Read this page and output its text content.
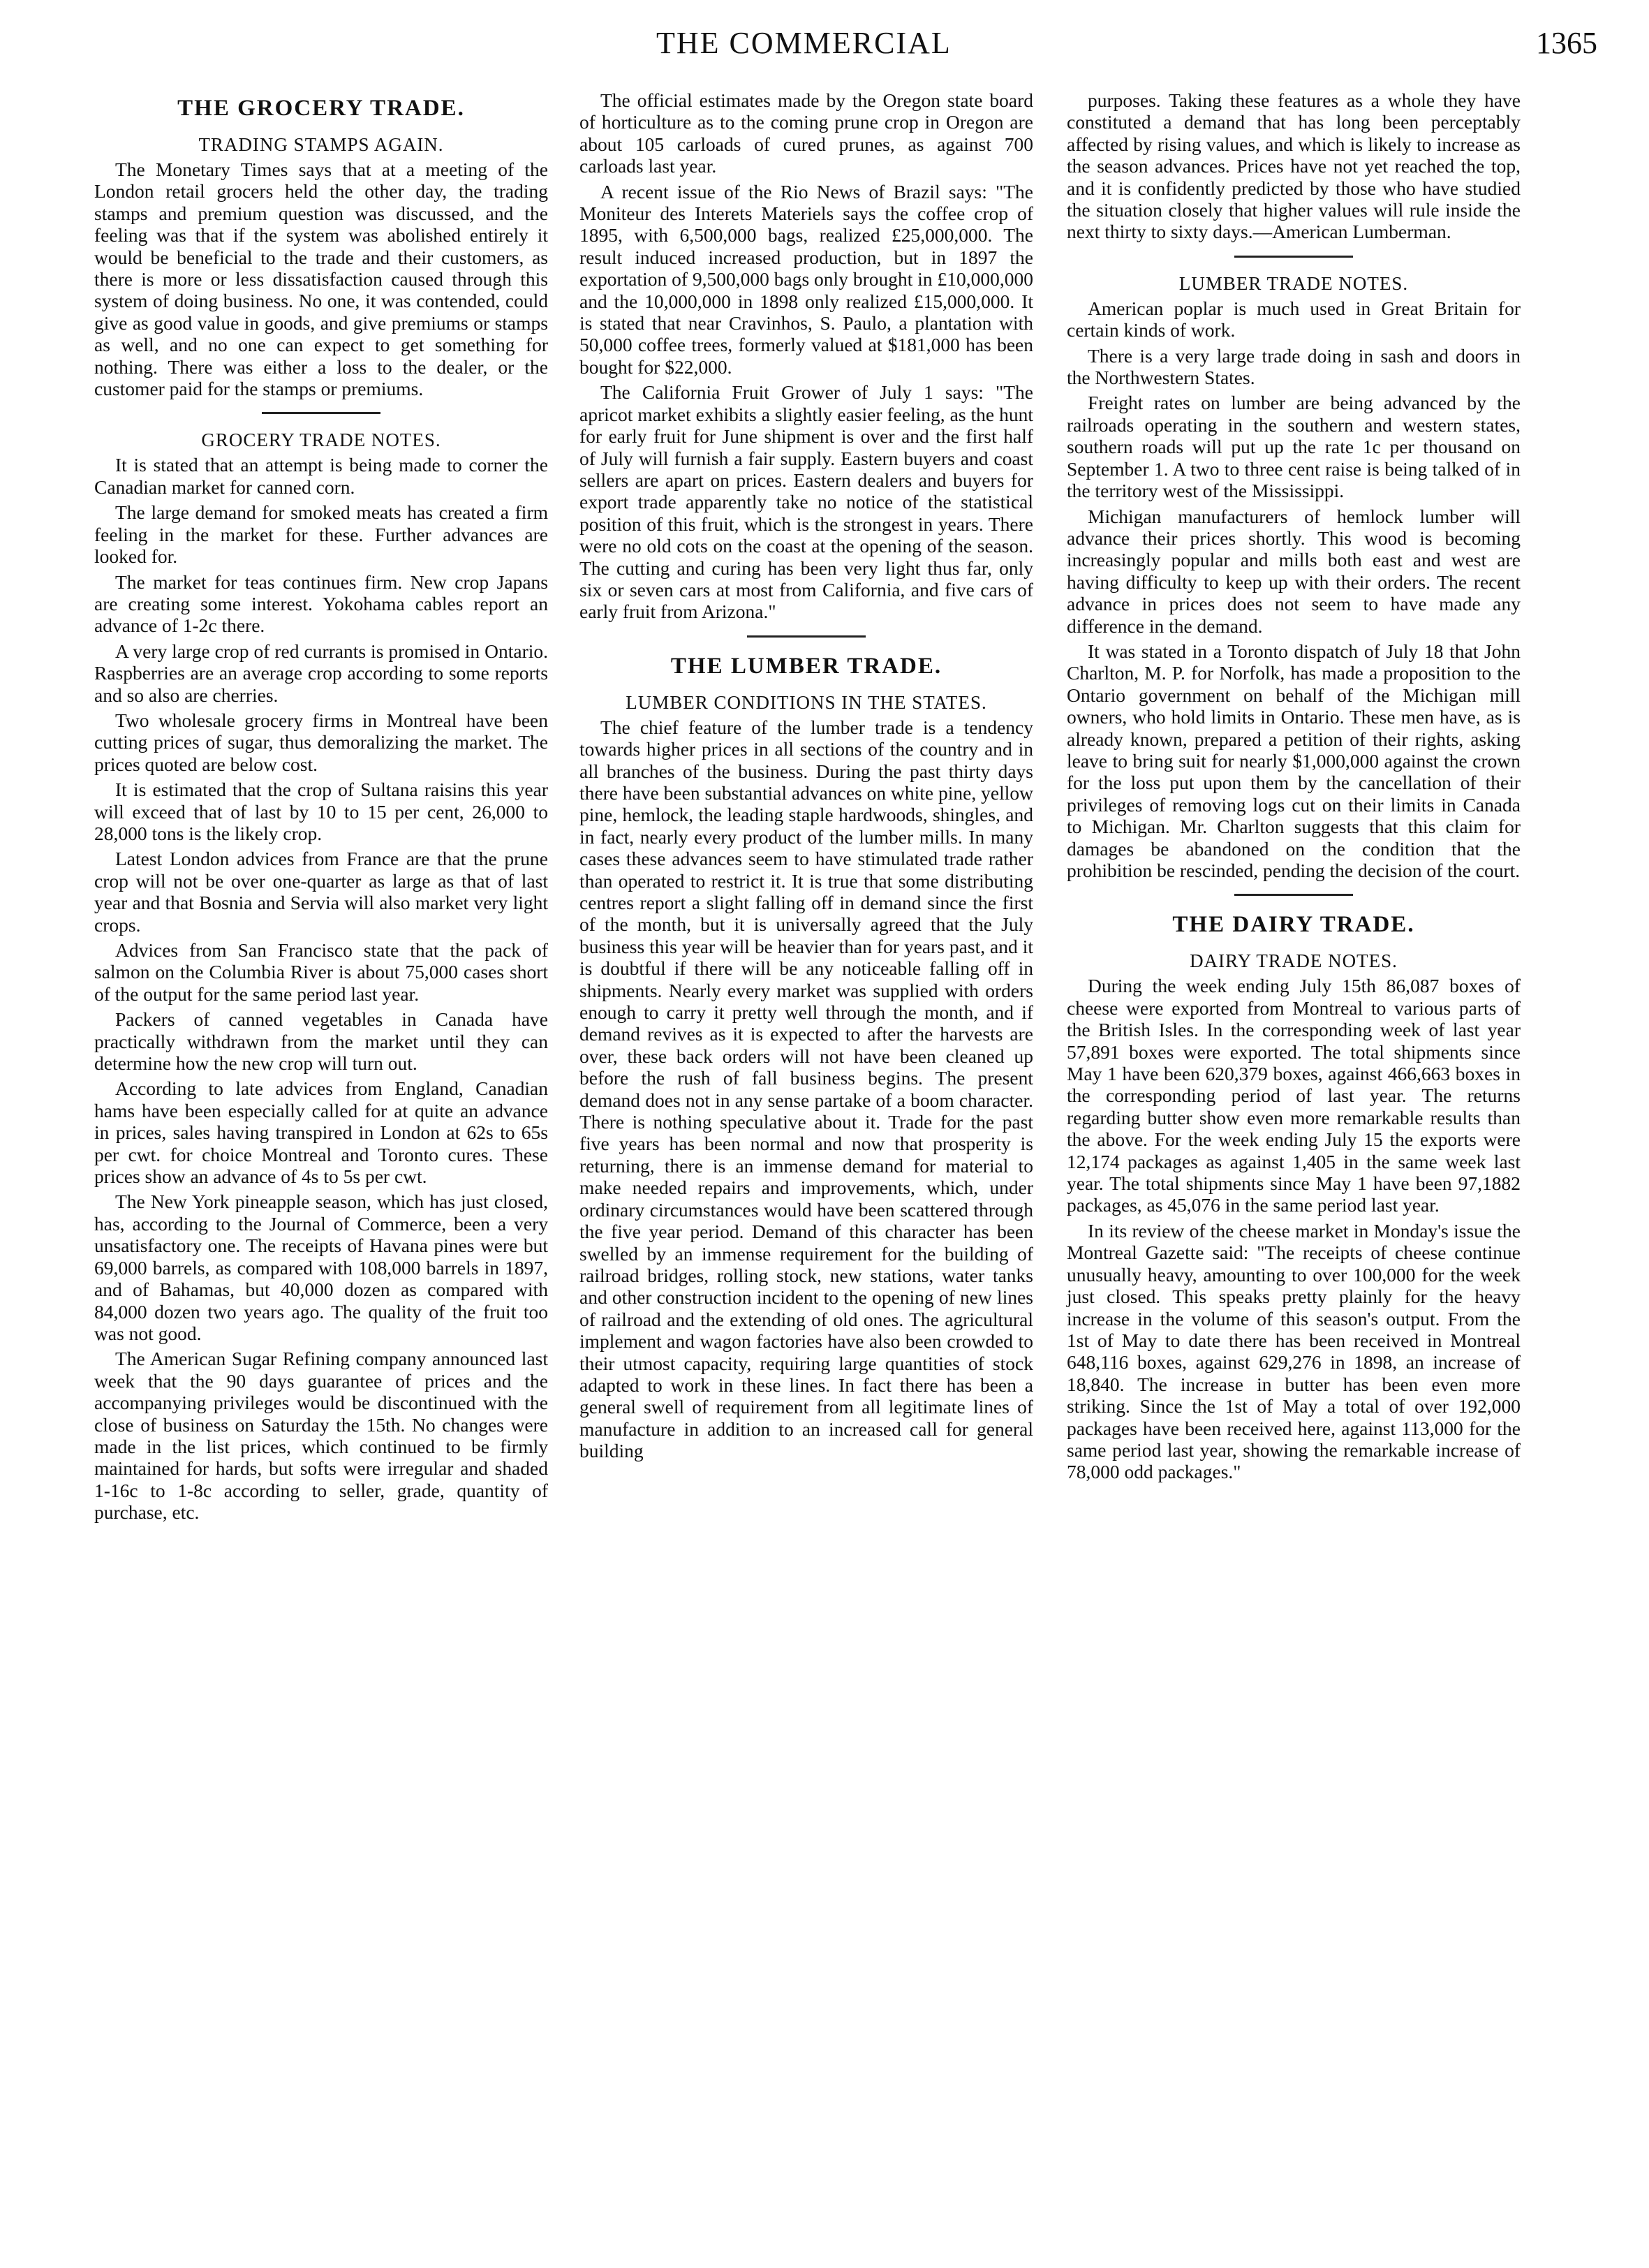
THE COMMERCIAL	1365
THE GROCERY TRADE.
TRADING STAMPS AGAIN.

The Monetary Times says that at a meeting of the London retail grocers held the other day, the trading stamps and premium question was discussed, and the feeling was that if the system was abolished entirely it would be beneficial to the trade and their customers, as there is more or less dissatisfaction caused through this system of doing business. No one, it was contended, could give as good value in goods, and give premiums or stamps as well, and no one can expect to get something for nothing. There was either a loss to the dealer, or the customer paid for the stamps or premiums.

GROCERY TRADE NOTES.

It is stated that an attempt is being made to corner the Canadian market for canned corn.

The large demand for smoked meats has created a firm feeling in the market for these. Further advances are looked for.

The market for teas continues firm. New crop Japans are creating some interest. Yokohama cables report an advance of 1-2c there.

A very large crop of red currants is promised in Ontario. Raspberries are an average crop according to some reports and so also are cherries.

Two wholesale grocery firms in Montreal have been cutting prices of sugar, thus demoralizing the market. The prices quoted are below cost.

It is estimated that the crop of Sultana raisins this year will exceed that of last by 10 to 15 per cent, 26,000 to 28,000 tons is the likely crop.

Latest London advices from France are that the prune crop will not be over one-quarter as large as that of last year and that Bosnia and Servia will also market very light crops.

Advices from San Francisco state that the pack of salmon on the Columbia River is about 75,000 cases short of the output for the same period last year.

Packers of canned vegetables in Canada have practically withdrawn from the market until they can determine how the new crop will turn out.

According to late advices from England, Canadian hams have been especially called for at quite an advance in prices, sales having transpired in London at 62s to 65s per cwt. for choice Montreal and Toronto cures. These prices show an advance of 4s to 5s per cwt.

The New York pineapple season, which has just closed, has, according to the Journal of Commerce, been a very unsatisfactory one. The receipts of Havana pines were but 69,000 barrels, as compared with 108,000 barrels in 1897, and of Bahamas, but 40,000 dozen as compared with 84,000 dozen two years ago. The quality of the fruit too was not good.

The American Sugar Refining company announced last week that the 90 days guarantee of prices and the accompanying privileges would be discontinued with the close of business on Saturday the 15th. No changes were made in the list prices, which continued to be firmly maintained for hards, but softs were irregular and shaded 1-16c to 1-8c according to seller, grade, quantity of purchase, etc.

The official estimates made by the Oregon state board of horticulture as to the coming prune crop in Oregon are about 105 carloads of cured prunes, as against 700 carloads last year.

A recent issue of the Rio News of Brazil says: "The Moniteur des Interets Materiels says the coffee crop of 1895, with 6,500,000 bags, realized £25,000,000. The result induced increased production, but in 1897 the exportation of 9,500,000 bags only brought in £10,000,000 and the 10,000,000 in 1898 only realized £15,000,000. It is stated that near Cravinhos, S. Paulo, a plantation with 50,000 coffee trees, formerly valued at $181,000 has been bought for $22,000.

The California Fruit Grower of July 1 says: "The apricot market exhibits a slightly easier feeling, as the hunt for early fruit for June shipment is over and the first half of July will furnish a fair supply. Eastern buyers and coast sellers are apart on prices. Eastern dealers and buyers for export trade apparently take no notice of the statistical position of this fruit, which is the strongest in years. There were no old cots on the coast at the opening of the season. The cutting and curing has been very light thus far, only six or seven cars at most from California, and five cars of early fruit from Arizona."

THE LUMBER TRADE.
LUMBER CONDITIONS IN THE STATES.

The chief feature of the lumber trade is a tendency towards higher prices in all sections of the country and in all branches of the business. During the past thirty days there have been substantial advances on white pine, yellow pine, hemlock, the leading staple hardwoods, shingles, and in fact, nearly every product of the lumber mills. In many cases these advances seem to have stimulated trade rather than operated to restrict it. It is true that some distributing centres report a slight falling off in demand since the first of the month, but it is universally agreed that the July business this year will be heavier than for years past, and it is doubtful if there will be any noticeable falling off in shipments. Nearly every market was supplied with orders enough to carry it pretty well through the month, and if demand revives as it is expected to after the harvests are over, these back orders will not have been cleaned up before the rush of fall business begins. The present demand does not in any sense partake of a boom character. There is nothing speculative about it. Trade for the past five years has been normal and now that prosperity is returning, there is an immense demand for material to make needed repairs and improvements, which, under ordinary circumstances would have been scattered through the five year period. Demand of this character has been swelled by an immense requirement for the building of railroad bridges, rolling stock, new stations, water tanks and other construction incident to the opening of new lines of railroad and the extending of old ones. The agricultural implement and wagon factories have also been crowded to their utmost capacity, requiring large quantities of stock adapted to work in these lines. In fact there has been a general swell of requirement from all legitimate lines of manufacture in addition to an increased call for general building

purposes. Taking these features as a whole they have constituted a demand that has long been perceptably affected by rising values, and which is likely to increase as the season advances. Prices have not yet reached the top, and it is confidently predicted by those who have studied the situation closely that higher values will rule inside the next thirty to sixty days.—American Lumberman.

LUMBER TRADE NOTES.

American poplar is much used in Great Britain for certain kinds of work.

There is a very large trade doing in sash and doors in the Northwestern States.

Freight rates on lumber are being advanced by the railroads operating in the southern and western states, southern roads will put up the rate 1c per thousand on September 1. A two to three cent raise is being talked of in the territory west of the Mississippi.

Michigan manufacturers of hemlock lumber will advance their prices shortly. This wood is becoming increasingly popular and mills both east and west are having difficulty to keep up with their orders. The recent advance in prices does not seem to have made any difference in the demand.

It was stated in a Toronto dispatch of July 18 that John Charlton, M. P. for Norfolk, has made a proposition to the Ontario government on behalf of the Michigan mill owners, who hold limits in Ontario. These men have, as is already known, prepared a petition of their rights, asking leave to bring suit for nearly $1,000,000 against the crown for the loss put upon them by the cancellation of their privileges of removing logs cut on their limits in Canada to Michigan. Mr. Charlton suggests that this claim for damages be abandoned on the condition that the prohibition be rescinded, pending the decision of the court.

THE DAIRY TRADE.
DAIRY TRADE NOTES.

During the week ending July 15th 86,087 boxes of cheese were exported from Montreal to various parts of the British Isles. In the corresponding week of last year 57,891 boxes were exported. The total shipments since May 1 have been 620,379 boxes, against 466,663 boxes in the corresponding period of last year. The returns regarding butter show even more remarkable results than the above. For the week ending July 15 the exports were 12,174 packages as against 1,405 in the same week last year. The total shipments since May 1 have been 97,1882 packages, as 45,076 in the same period last year.

In its review of the cheese market in Monday's issue the Montreal Gazette said: "The receipts of cheese continue unusually heavy, amounting to over 100,000 for the week just closed. This speaks pretty plainly for the heavy increase in the volume of this season's output. From the 1st of May to date there has been received in Montreal 648,116 boxes, against 629,276 in 1898, an increase of 18,840. The increase in butter has been even more striking. Since the 1st of May a total of over 192,000 packages have been received here, against 113,000 for the same period last year, showing the remarkable increase of 78,000 odd packages."
